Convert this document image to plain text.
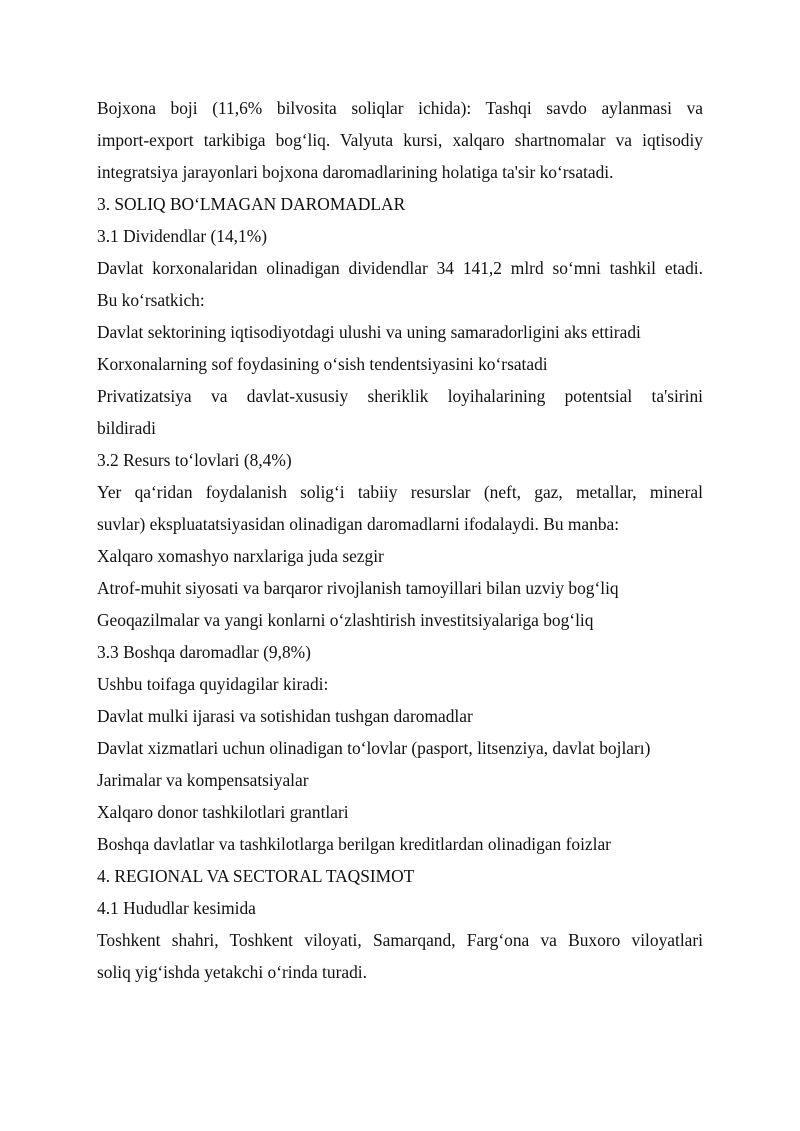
Bojxona boji (11,6% bilvosita soliqlar ichida): Tashqi savdo aylanmasi va
import-export tarkibiga bog‘liq. Valyuta kursi, xalqaro shartnomalar va iqtisodiy
integratsiya jarayonlari bojxona daromadlarining holatiga ta'sir ko‘rsatadi.
3. SOLIQ BO‘LMAGAN DAROMADLAR
3.1 Dividendlar (14,1%)
Davlat korxonalaridan olinadigan dividendlar 34 141,2 mlrd so‘mni tashkil etadi.
Bu ko‘rsatkich:
Davlat sektorining iqtisodiyotdagi ulushi va uning samaradorligini aks ettiradi
Korxonalarning sof foydasining o‘sish tendentsiyasini ko‘rsatadi
Privatizatsiya va davlat-xususiy sheriklik loyihalarining potentsial ta'sirini
bildiradi
3.2 Resurs to‘lovlari (8,4%)
Yer qa‘ridan foydalanish solig‘i tabiiy resurslar (neft, gaz, metallar, mineral
suvlar) ekspluatatsiyasidan olinadigan daromadlarni ifodalaydi. Bu manba:
Xalqaro xomashyo narxlariga juda sezgir
Atrof-muhit siyosati va barqaror rivojlanish tamoyillari bilan uzviy bog‘liq
Geoqazilmalar va yangi konlarni o‘zlashtirish investitsiyalariga bog‘liq
3.3 Boshqa daromadlar (9,8%)
Ushbu toifaga quyidagilar kiradi:
Davlat mulki ijarasi va sotishidan tushgan daromadlar
Davlat xizmatlari uchun olinadigan to‘lovlar (pasport, litsenziya, davlat bojları)
Jarimalar va kompensatsiyalar
Xalqaro donor tashkilotlari grantlari
Boshqa davlatlar va tashkilotlarga berilgan kreditlardan olinadigan foizlar
4. REGIONAL VA SECTORAL TAQSIMOT
4.1 Hududlar kesimida
Toshkent shahri, Toshkent viloyati, Samarqand, Farg‘ona va Buxoro viloyatlari
soliq yig‘ishda yetakchi o‘rinda turadi.
